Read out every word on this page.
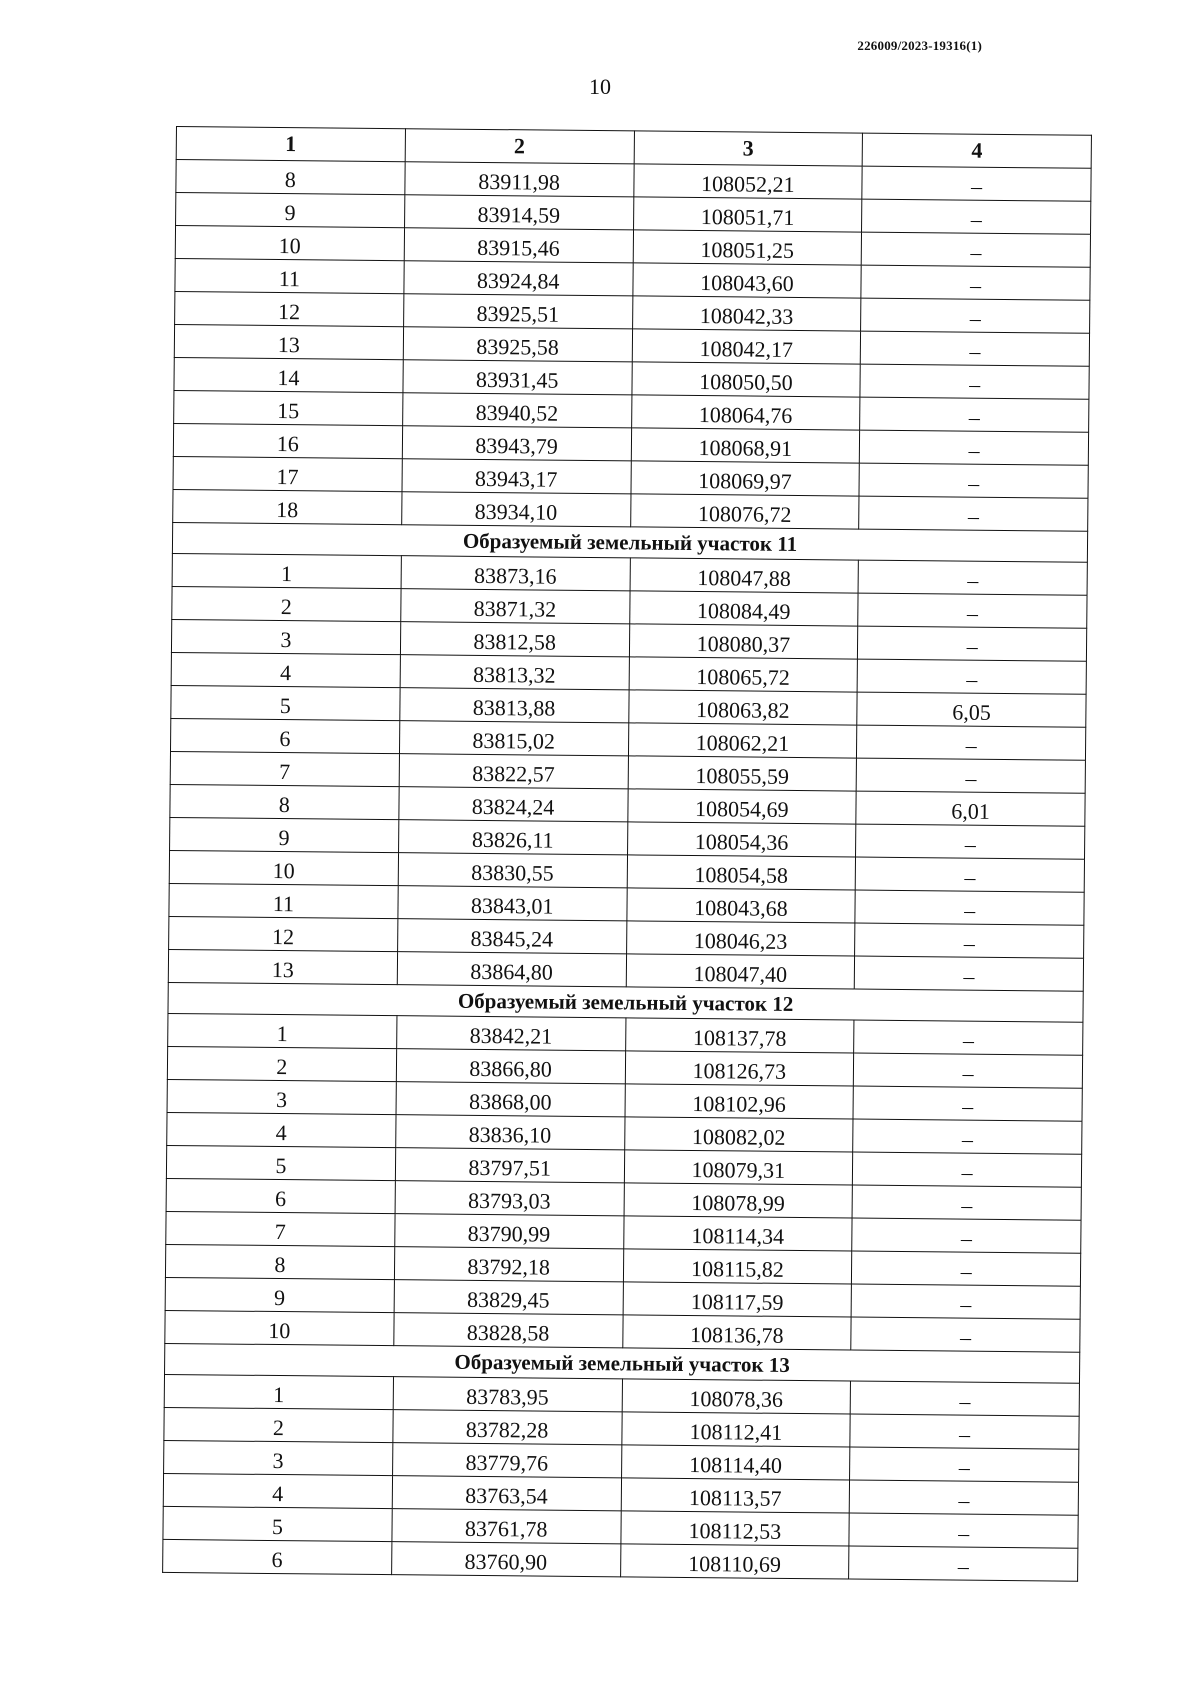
226009/2023-19316(1)
10
1	2	3	4
8	83911,98	108052,21	–
9	83914,59	108051,71	–
10	83915,46	108051,25	–
11	83924,84	108043,60	–
12	83925,51	108042,33	–
13	83925,58	108042,17	–
14	83931,45	108050,50	–
15	83940,52	108064,76	–
16	83943,79	108068,91	–
17	83943,17	108069,97	–
18	83934,10	108076,72	–
Образуемый земельный участок 11			
1	83873,16	108047,88	–
2	83871,32	108084,49	–
3	83812,58	108080,37	–
4	83813,32	108065,72	–
5	83813,88	108063,82	6,05
6	83815,02	108062,21	–
7	83822,57	108055,59	–
8	83824,24	108054,69	6,01
9	83826,11	108054,36	–
10	83830,55	108054,58	–
11	83843,01	108043,68	–
12	83845,24	108046,23	–
13	83864,80	108047,40	–
Образуемый земельный участок 12			
1	83842,21	108137,78	–
2	83866,80	108126,73	–
3	83868,00	108102,96	–
4	83836,10	108082,02	–
5	83797,51	108079,31	–
6	83793,03	108078,99	–
7	83790,99	108114,34	–
8	83792,18	108115,82	–
9	83829,45	108117,59	–
10	83828,58	108136,78	–
Образуемый земельный участок 13			
1	83783,95	108078,36	–
2	83782,28	108112,41	–
3	83779,76	108114,40	–
4	83763,54	108113,57	–
5	83761,78	108112,53	–
6	83760,90	108110,69	–
